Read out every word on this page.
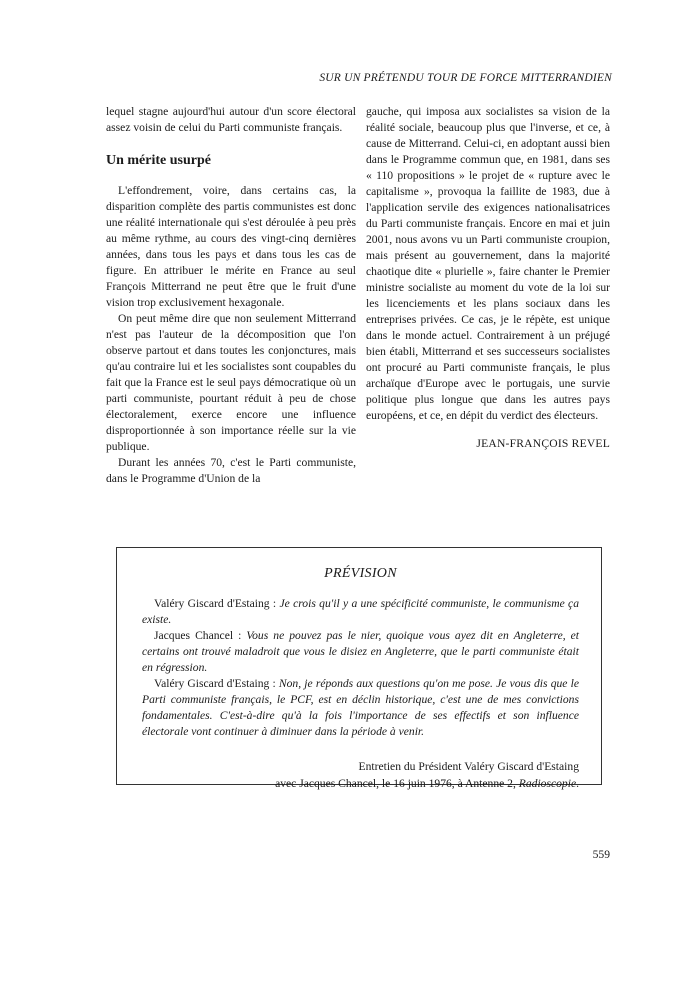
SUR UN PRÉTENDU TOUR DE FORCE MITTERRANDIEN

lequel stagne aujourd'hui autour d'un score électoral assez voisin de celui du Parti communiste français.

Un mérite usurpé

L'effondrement, voire, dans certains cas, la disparition complète des partis communistes est donc une réalité internationale qui s'est déroulée à peu près au même rythme, au cours des vingt-cinq dernières années, dans tous les pays et dans tous les cas de figure. En attribuer le mérite en France au seul François Mitterrand ne peut être que le fruit d'une vision trop exclusivement hexagonale.

On peut même dire que non seulement Mitterrand n'est pas l'auteur de la décomposition que l'on observe partout et dans toutes les conjonctures, mais qu'au contraire lui et les socialistes sont coupables du fait que la France est le seul pays démocratique où un parti communiste, pourtant réduit à peu de chose électoralement, exerce encore une influence disproportionnée à son importance réelle sur la vie publique.

Durant les années 70, c'est le Parti communiste, dans le Programme d'Union de la

gauche, qui imposa aux socialistes sa vision de la réalité sociale, beaucoup plus que l'inverse, et ce, à cause de Mitterrand. Celui-ci, en adoptant aussi bien dans le Programme commun que, en 1981, dans ses « 110 propositions » le projet de « rupture avec le capitalisme », provoqua la faillite de 1983, due à l'application servile des exigences nationalisatrices du Parti communiste français. Encore en mai et juin 2001, nous avons vu un Parti communiste croupion, mais présent au gouvernement, dans la majorité chaotique dite « plurielle », faire chanter le Premier ministre socialiste au moment du vote de la loi sur les licenciements et les plans sociaux dans les entreprises privées. Ce cas, je le répète, est unique dans le monde actuel. Contrairement à un préjugé bien établi, Mitterrand et ses successeurs socialistes ont procuré au Parti communiste français, le plus archaïque d'Europe avec le portugais, une survie politique plus longue que dans les autres pays européens, et ce, en dépit du verdict des électeurs.

JEAN-FRANÇOIS REVEL
PRÉVISION

Valéry Giscard d'Estaing : Je crois qu'il y a une spécificité communiste, le communisme ça existe.

Jacques Chancel : Vous ne pouvez pas le nier, quoique vous ayez dit en Angleterre, et certains ont trouvé maladroit que vous le disiez en Angleterre, que le parti communiste était en régression.

Valéry Giscard d'Estaing : Non, je réponds aux questions qu'on me pose. Je vous dis que le Parti communiste français, le PCF, est en déclin historique, c'est une de mes convictions fondamentales. C'est-à-dire qu'à la fois l'importance de ses effectifs et son influence électorale vont continuer à diminuer dans la période à venir.

Entretien du Président Valéry Giscard d'Estaing
avec Jacques Chancel, le 16 juin 1976, à Antenne 2, Radioscopie.

559
